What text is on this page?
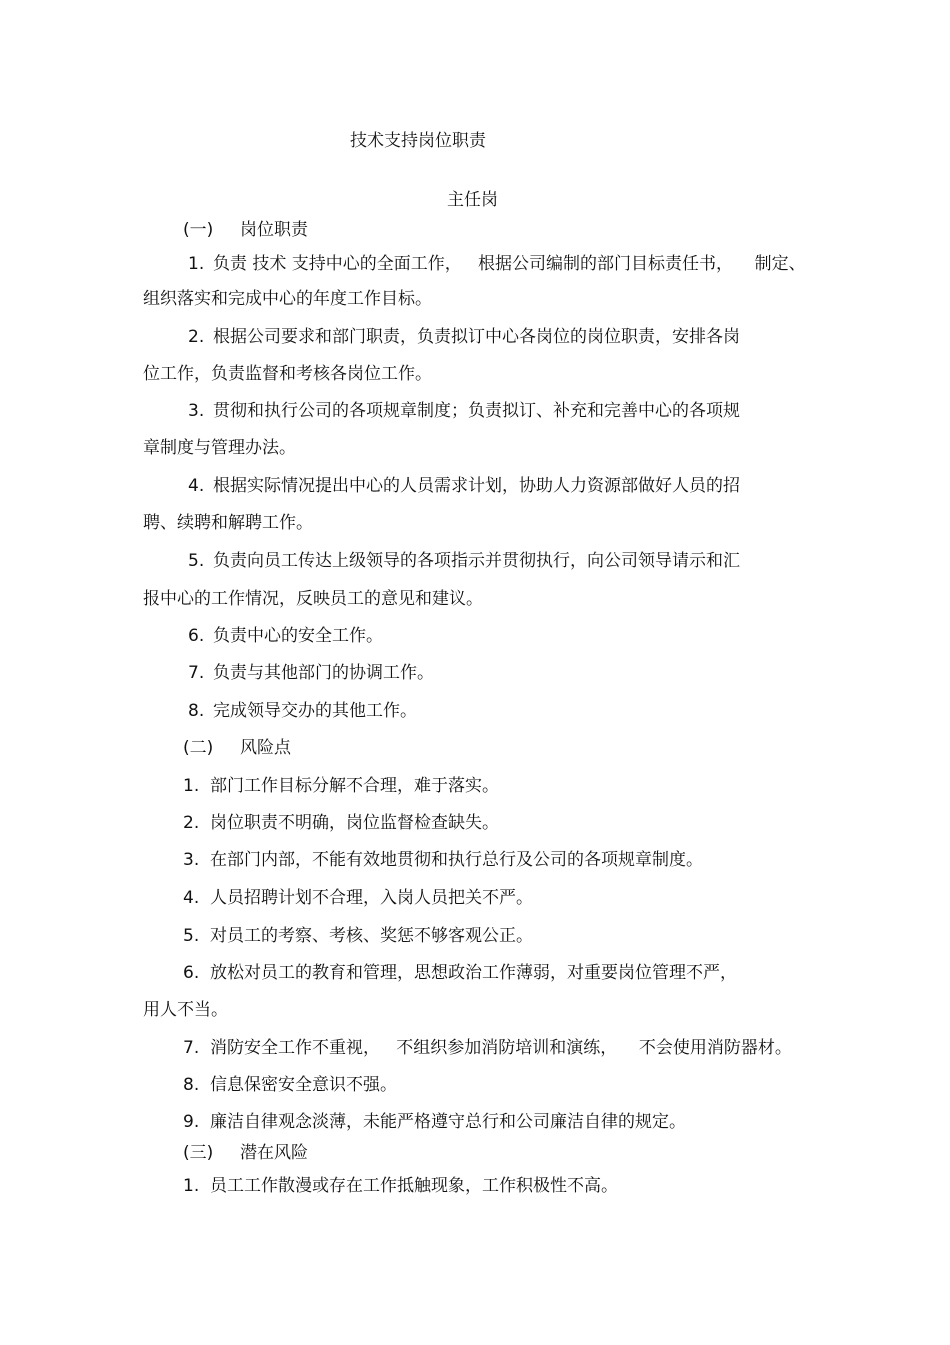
技术支持岗位职责
主任岗
(一) 岗位职责
1. 负责 技术 支持中心的全面工作，   根据公司编制的部门目标责任书，    制定、
组织落实和完成中心的年度工作目标。
2. 根据公司要求和部门职责，负责拟订中心各岗位的岗位职责，安排各岗
位工作，负责监督和考核各岗位工作。
3. 贯彻和执行公司的各项规章制度；负责拟订、补充和完善中心的各项规
章制度与管理办法。
4. 根据实际情况提出中心的人员需求计划，协助人力资源部做好人员的招
聘、续聘和解聘工作。
5. 负责向员工传达上级领导的各项指示并贯彻执行，向公司领导请示和汇
报中心的工作情况，反映员工的意见和建议。
6. 负责中心的安全工作。
7. 负责与其他部门的协调工作。
8. 完成领导交办的其他工作。
(二) 风险点
1. 部门工作目标分解不合理，难于落实。
2. 岗位职责不明确，岗位监督检查缺失。
3. 在部门内部，不能有效地贯彻和执行总行及公司的各项规章制度。
4. 人员招聘计划不合理，入岗人员把关不严。
5. 对员工的考察、考核、奖惩不够客观公正。
6. 放松对员工的教育和管理，思想政治工作薄弱，对重要岗位管理不严，
用人不当。
7. 消防安全工作不重视，   不组织参加消防培训和演练，    不会使用消防器材。
8. 信息保密安全意识不强。
9. 廉洁自律观念淡薄，未能严格遵守总行和公司廉洁自律的规定。
(三) 潜在风险
1. 员工工作散漫或存在工作抵触现象，工作积极性不高。
